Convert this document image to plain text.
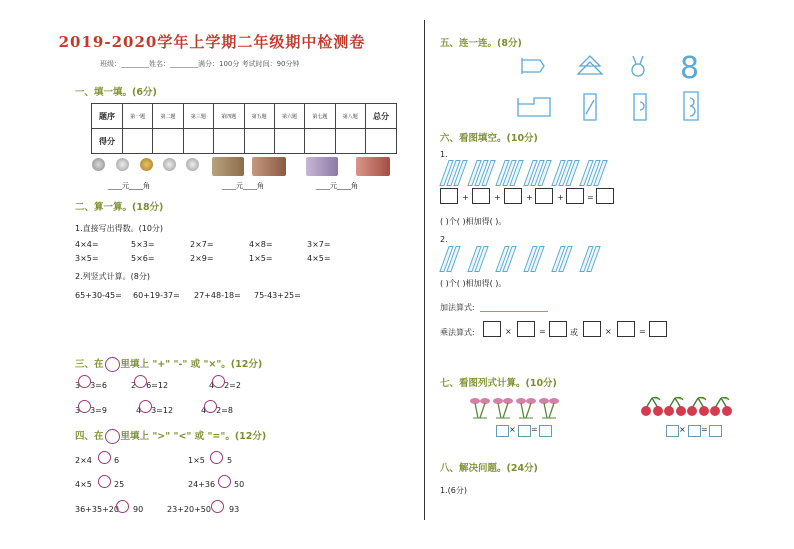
2019-2020学年上学期二年级期中检测卷
班级：________姓名：________满分：100分 考试时间：90分钟
题序	第一题	第二题	第三题	第四题	第五题	第六题	第七题	第八题	总分
得分									
一、填一填。(6分)
____元____角	____元____角	____元____角
二、算一算。(18分)
1.直接写出得数。(10分)
4×4=	5×3=	2×7=	4×8=	3×7=
3×5=	5×6=	2×9=	1×5=	4×5=
2.列竖式计算。(8分)
65+30-45= 60+19-37= 27+48-18= 75-43+25=
三、在 里填上 "+" "-" 或 "×"。(12分)
3 3=6	2 6=12	4 2=2
3 3=9	4 3=12	4 2=8
四、在 里填上 ">" "<" 或 "="。(12分)
2×4	6	1×5	5
4×5	25	24+36 50
36+35+20 90	23+20+50 93
五、连一连。(8分)
8
六、看图填空。(10分)
1.
+	+	+	+	=
( )个( )相加得( )。
2.
( )个( )相加得( )。
加法算式:
乘法算式:	×	=	或	×	=
七、看图列式计算。(10分)
× =	× =
八、解决问题。(24分)
1.(6分)
